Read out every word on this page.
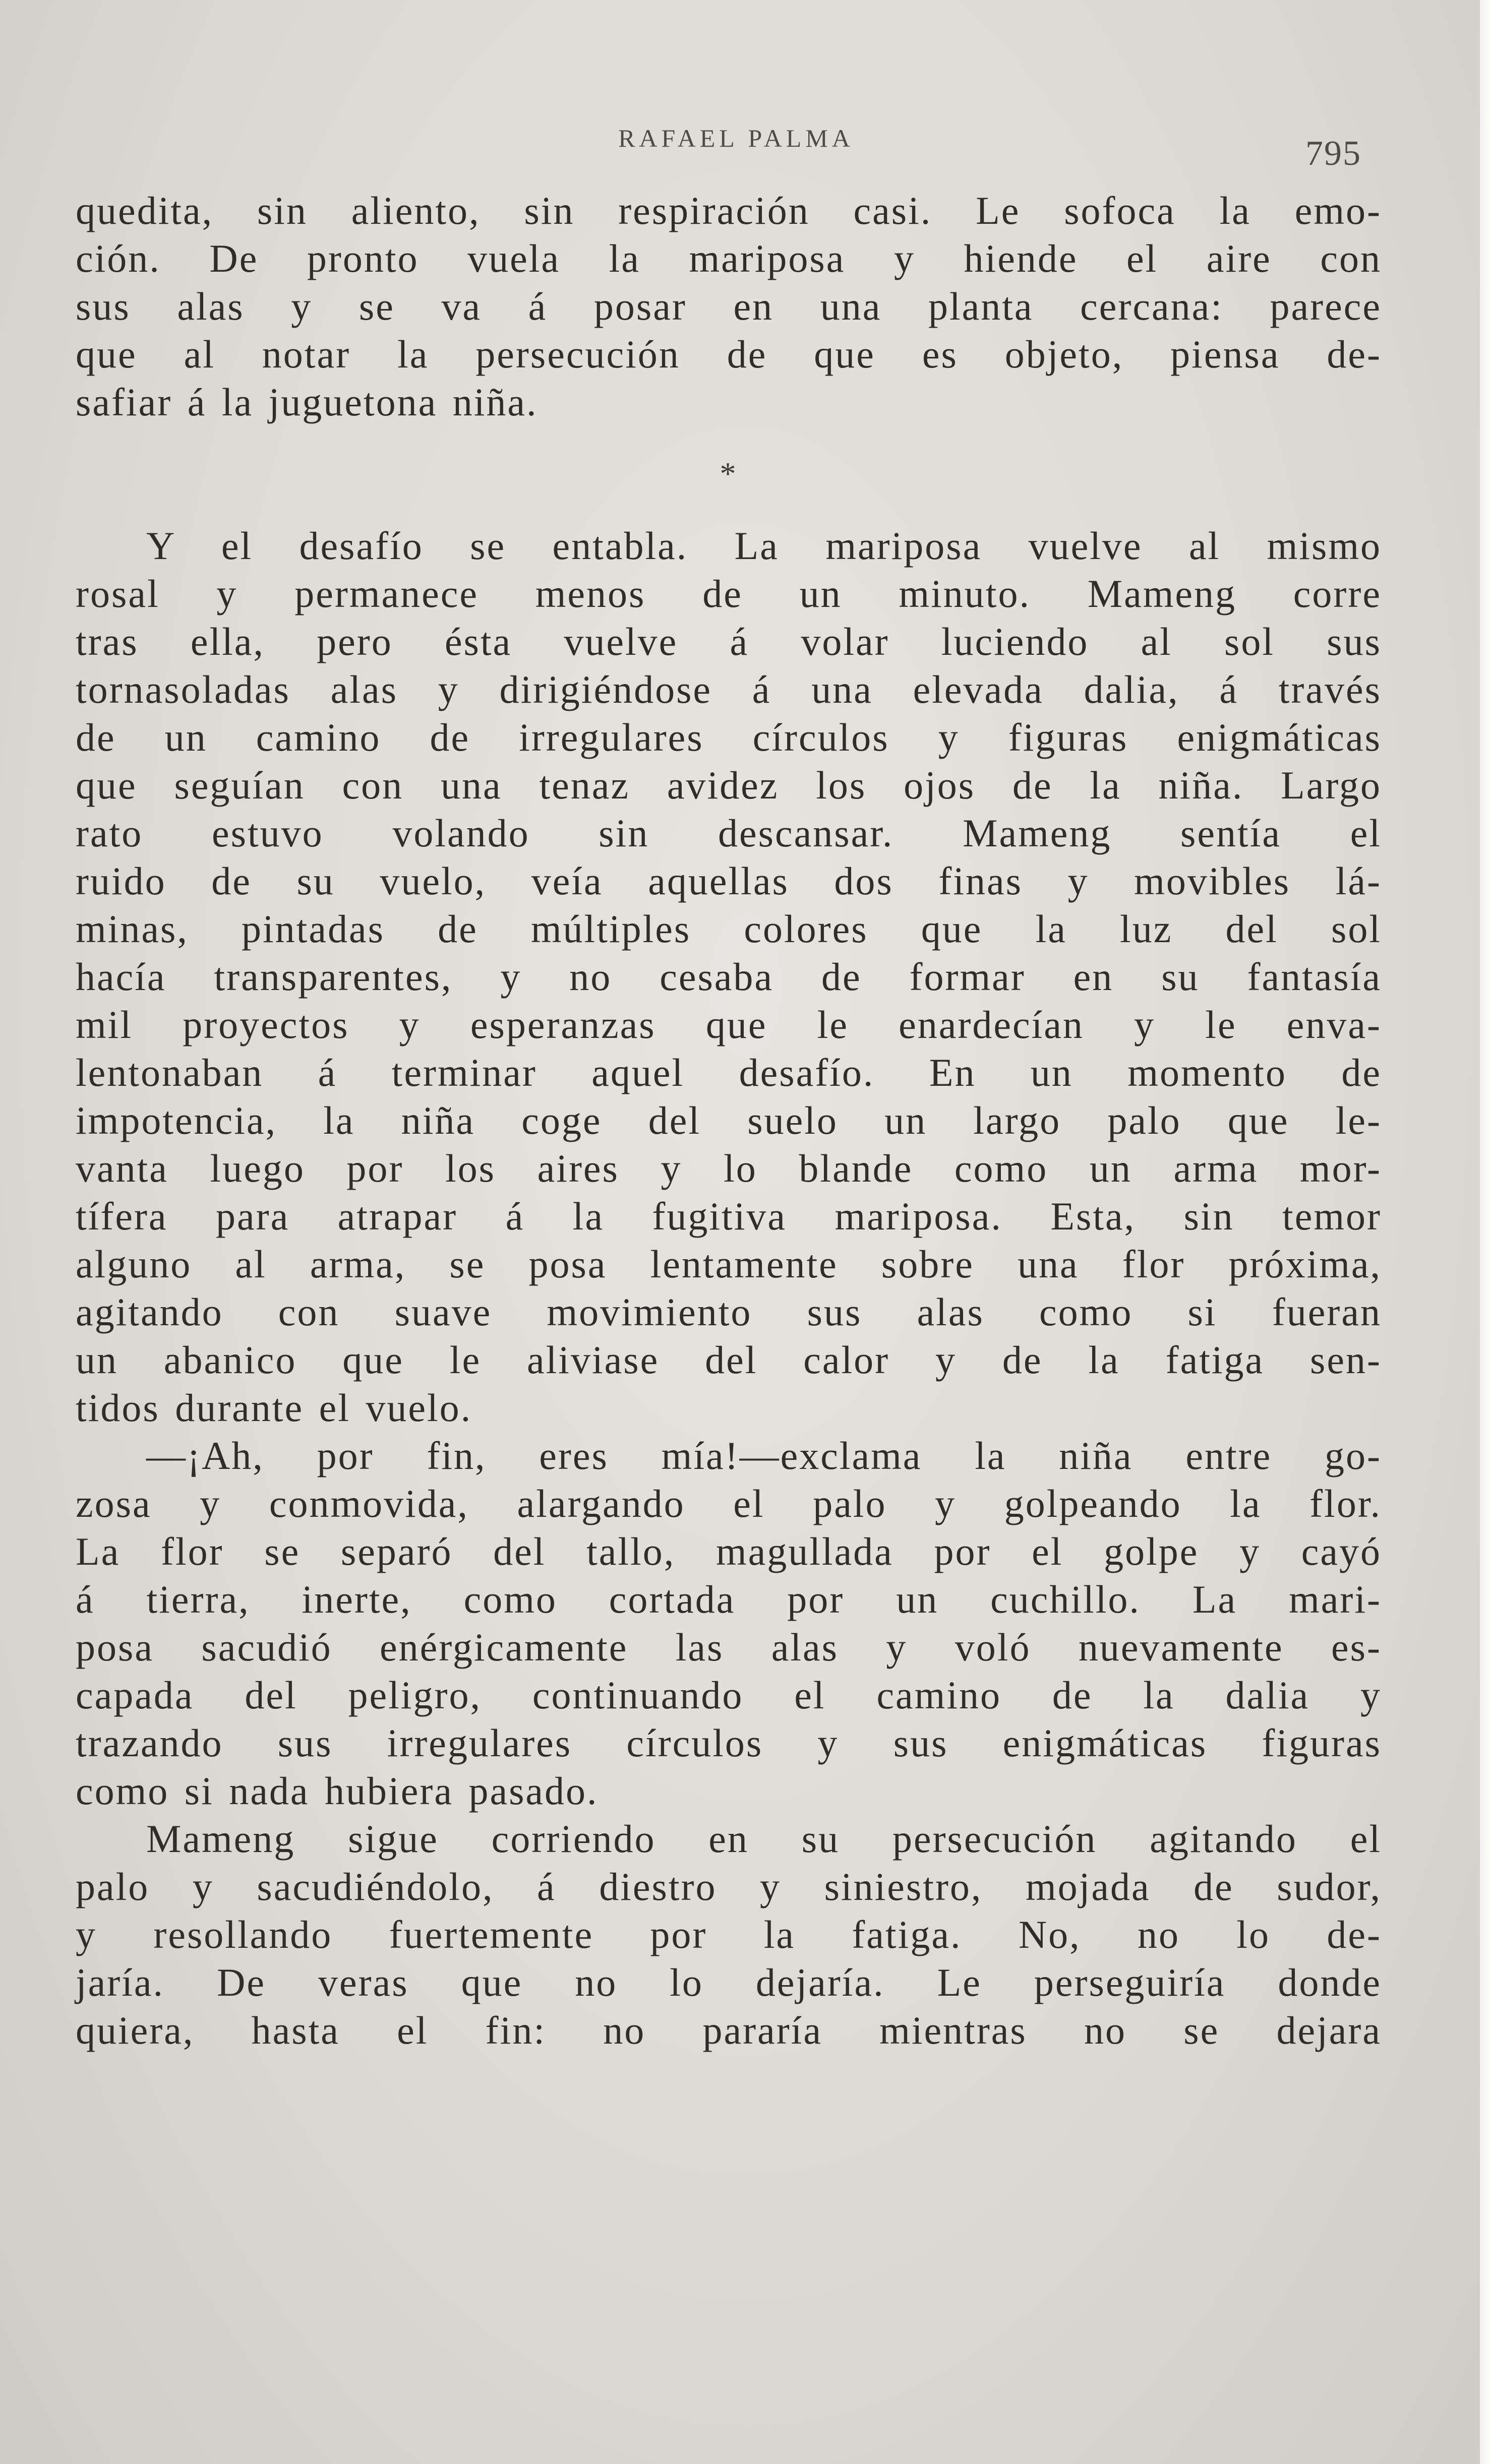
RAFAEL PALMA	795
quedita, sin aliento, sin respiración casi. Le sofoca la emo-
ción. De pronto vuela la mariposa y hiende el aire con
sus alas y se va á posar en una planta cercana: parece
que al notar la persecución de que es objeto, piensa de-
safiar á la juguetona niña.
*
Y el desafío se entabla. La mariposa vuelve al mismo
rosal y permanece menos de un minuto. Mameng corre
tras ella, pero ésta vuelve á volar luciendo al sol sus
tornasoladas alas y dirigiéndose á una elevada dalia, á través
de un camino de irregulares círculos y figuras enigmáticas
que seguían con una tenaz avidez los ojos de la niña. Largo
rato estuvo volando sin descansar. Mameng sentía el
ruido de su vuelo, veía aquellas dos finas y movibles lá-
minas, pintadas de múltiples colores que la luz del sol
hacía transparentes, y no cesaba de formar en su fantasía
mil proyectos y esperanzas que le enardecían y le enva-
lentonaban á terminar aquel desafío. En un momento de
impotencia, la niña coge del suelo un largo palo que le-
vanta luego por los aires y lo blande como un arma mor-
tífera para atrapar á la fugitiva mariposa. Esta, sin temor
alguno al arma, se posa lentamente sobre una flor próxima,
agitando con suave movimiento sus alas como si fueran
un abanico que le aliviase del calor y de la fatiga sen-
tidos durante el vuelo.
—¡Ah, por fin, eres mía!—exclama la niña entre go-
zosa y conmovida, alargando el palo y golpeando la flor.
La flor se separó del tallo, magullada por el golpe y cayó
á tierra, inerte, como cortada por un cuchillo. La mari-
posa sacudió enérgicamente las alas y voló nuevamente es-
capada del peligro, continuando el camino de la dalia y
trazando sus irregulares círculos y sus enigmáticas figuras
como si nada hubiera pasado.
Mameng sigue corriendo en su persecución agitando el
palo y sacudiéndolo, á diestro y siniestro, mojada de sudor,
y resollando fuertemente por la fatiga. No, no lo de-
jaría. De veras que no lo dejaría. Le perseguiría donde
quiera, hasta el fin: no pararía mientras no se dejara
